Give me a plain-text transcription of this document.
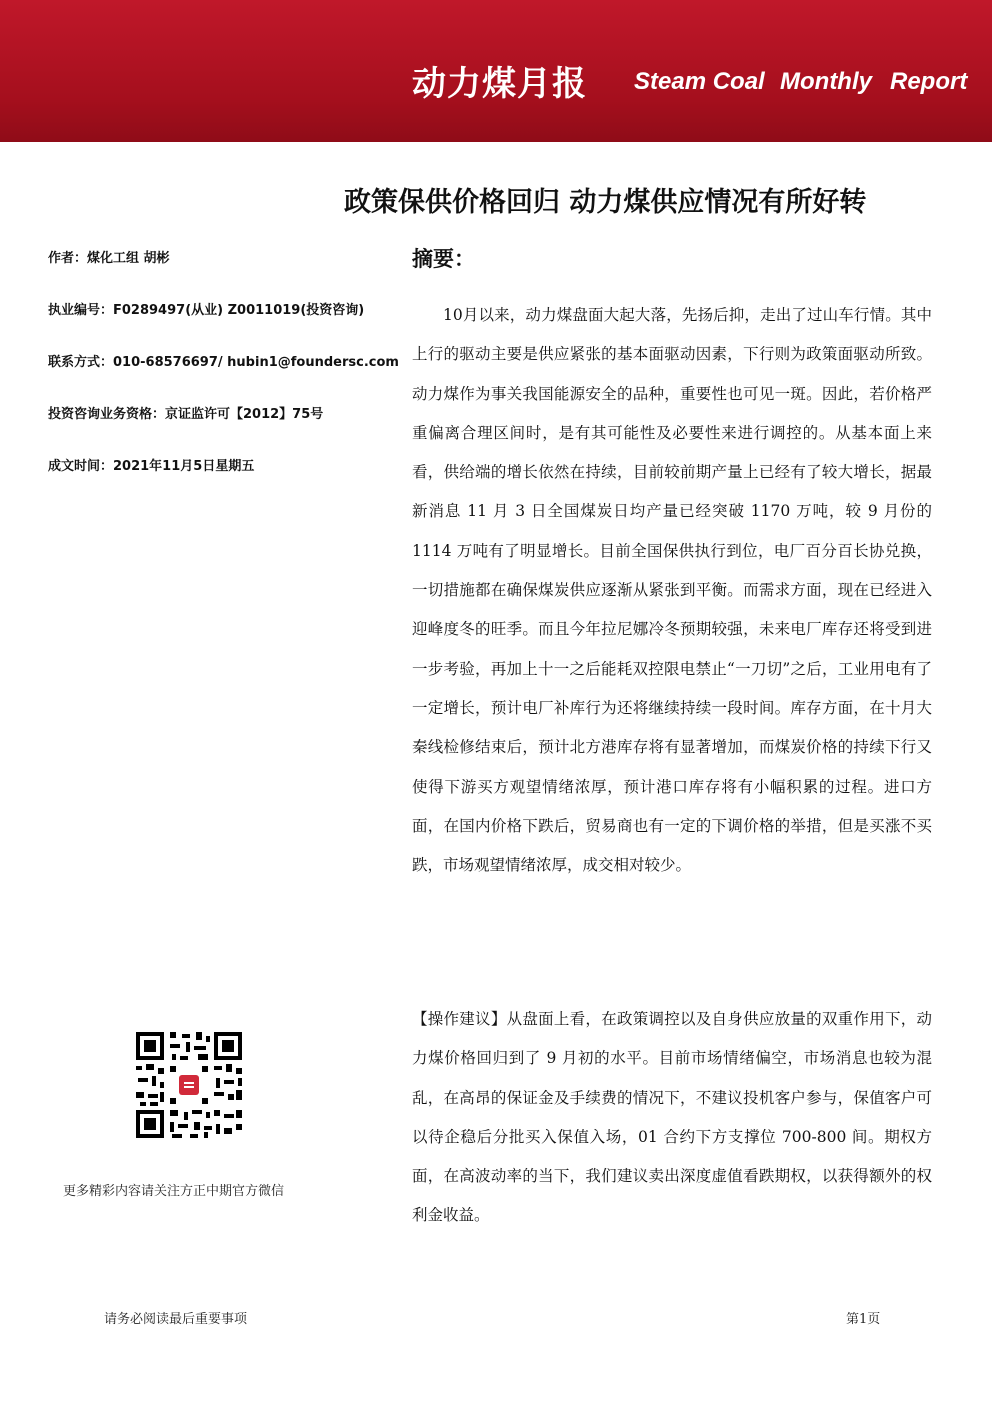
动力煤月报 Steam Coal Monthly Report
政策保供价格回归 动力煤供应情况有所好转
作者：煤化工组 胡彬
执业编号：F0289497(从业) Z0011019(投资咨询)
联系方式：010-68576697/ hubin1@foundersc.com
投资咨询业务资格：京证监许可【2012】75号
成文时间：2021年11月5日星期五
摘要：

10月以来，动力煤盘面大起大落，先扬后抑，走出了过山车行情。其中上行的驱动主要是供应紧张的基本面驱动因素，下行则为政策面驱动所致。动力煤作为事关我国能源安全的品种，重要性也可见一斑。因此，若价格严重偏离合理区间时，是有其可能性及必要性来进行调控的。从基本面上来看，供给端的增长依然在持续，目前较前期产量上已经有了较大增长，据最新消息 11 月 3 日全国煤炭日均产量已经突破 1170 万吨，较 9 月份的 1114 万吨有了明显增长。目前全国保供执行到位，电厂百分百长协兑换，一切措施都在确保煤炭供应逐渐从紧张到平衡。而需求方面，现在已经进入迎峰度冬的旺季。而且今年拉尼娜冷冬预期较强，未来电厂库存还将受到进一步考验，再加上十一之后能耗双控限电禁止“一刀切”之后，工业用电有了一定增长，预计电厂补库行为还将继续持续一段时间。库存方面，在十月大秦线检修结束后，预计北方港库存将有显著增加，而煤炭价格的持续下行又使得下游买方观望情绪浓厚，预计港口库存将有小幅积累的过程。进口方面，在国内价格下跌后，贸易商也有一定的下调价格的举措，但是买涨不买跌，市场观望情绪浓厚，成交相对较少。

【操作建议】从盘面上看，在政策调控以及自身供应放量的双重作用下，动力煤价格回归到了 9 月初的水平。目前市场情绪偏空，市场消息也较为混乱，在高昂的保证金及手续费的情况下，不建议投机客户参与，保值客户可以待企稳后分批买入保值入场，01 合约下方支撑位 700-800 间。期权方面，在高波动率的当下，我们建议卖出深度虚值看跌期权，以获得额外的权利金收益。

更多精彩内容请关注方正中期官方微信
请务必阅读最后重要事项	第1页
